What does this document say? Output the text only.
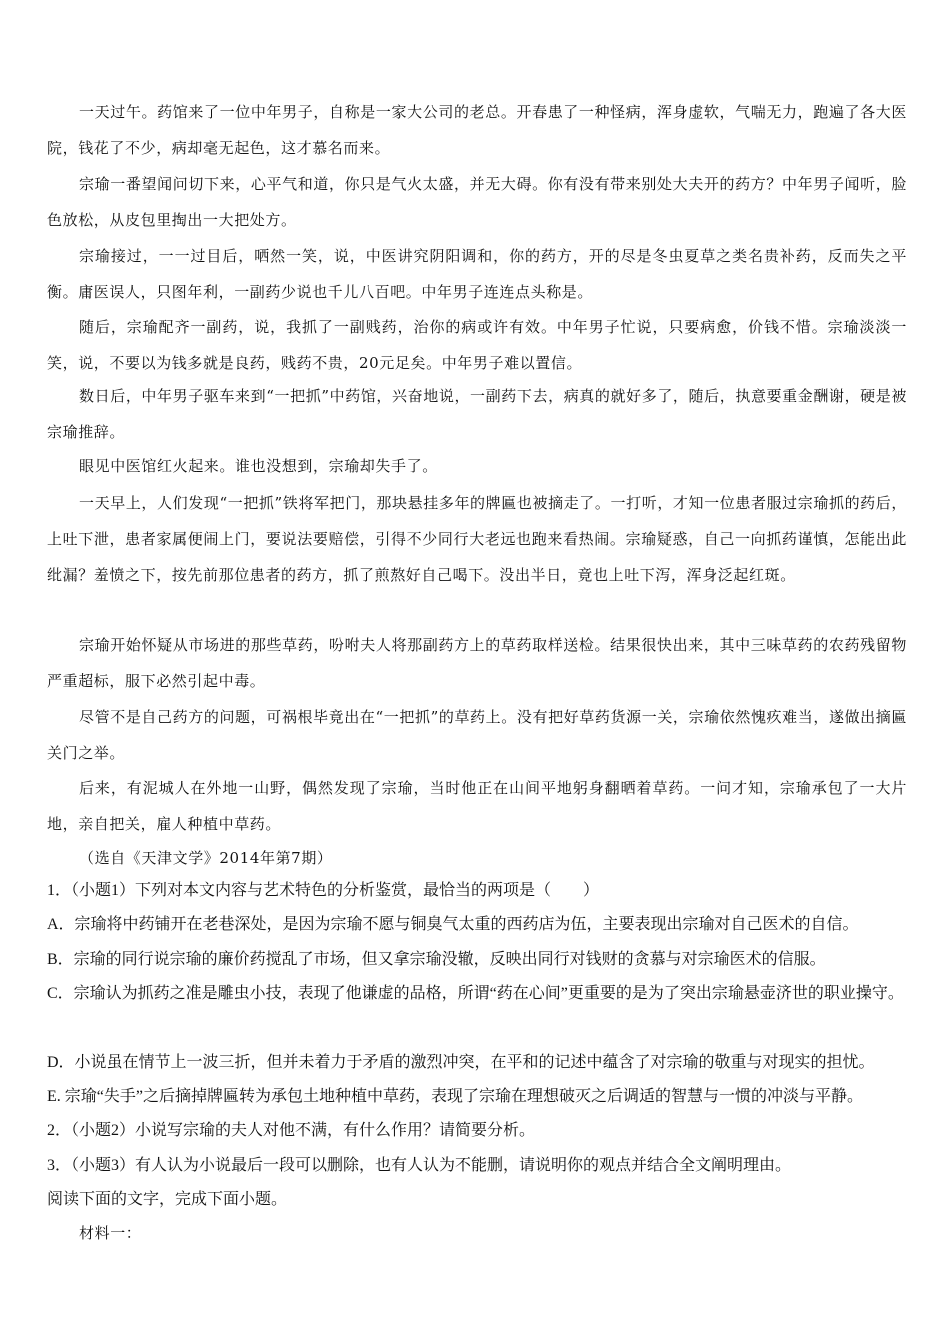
一天过午。药馆来了一位中年男子，自称是一家大公司的老总。开春患了一种怪病，浑身虚软，气喘无力，跑遍了各大医院，钱花了不少，病却毫无起色，这才慕名而来。

宗瑜一番望闻问切下来，心平气和道，你只是气火太盛，并无大碍。你有没有带来别处大夫开的药方？中年男子闻听，脸色放松，从皮包里掏出一大把处方。

宗瑜接过，一一过目后，哂然一笑，说，中医讲究阴阳调和，你的药方，开的尽是冬虫夏草之类名贵补药，反而失之平衡。庸医误人，只图年利，一副药少说也千儿八百吧。中年男子连连点头称是。

随后，宗瑜配齐一副药，说，我抓了一副贱药，治你的病或许有效。中年男子忙说，只要病愈，价钱不惜。宗瑜淡淡一笑，说，不要以为钱多就是良药，贱药不贵，20元足矣。中年男子难以置信。

数日后，中年男子驱车来到“一把抓”中药馆，兴奋地说，一副药下去，病真的就好多了，随后，执意要重金酬谢，硬是被宗瑜推辞。

眼见中医馆红火起来。谁也没想到，宗瑜却失手了。

一天早上，人们发现“一把抓”铁将军把门，那块悬挂多年的牌匾也被摘走了。一打听，才知一位患者服过宗瑜抓的药后，上吐下泄，患者家属便闹上门，要说法要赔偿，引得不少同行大老远也跑来看热闹。宗瑜疑惑，自己一向抓药谨慎，怎能出此纰漏？羞愤之下，按先前那位患者的药方，抓了煎熬好自己喝下。没出半日，竟也上吐下泻，浑身泛起红斑。

宗瑜开始怀疑从市场进的那些草药，吩咐夫人将那副药方上的草药取样送检。结果很快出来，其中三味草药的农药残留物严重超标，服下必然引起中毒。

尽管不是自己药方的问题，可祸根毕竟出在“一把抓”的草药上。没有把好草药货源一关，宗瑜依然愧疚难当，遂做出摘匾关门之举。

后来，有泥城人在外地一山野，偶然发现了宗瑜，当时他正在山间平地躬身翻晒着草药。一问才知，宗瑜承包了一大片地，亲自把关，雇人种植中草药。

（选自《天津文学》2014年第7期）

1．（小题1）下列对本文内容与艺术特色的分析鉴赏，最恰当的两项是（　　）

A．宗瑜将中药铺开在老巷深处，是因为宗瑜不愿与铜臭气太重的西药店为伍，主要表现出宗瑜对自己医术的自信。

B．宗瑜的同行说宗瑜的廉价药搅乱了市场，但又拿宗瑜没辙，反映出同行对钱财的贪慕与对宗瑜医术的信服。

C．宗瑜认为抓药之准是雕虫小技，表现了他谦虚的品格，所谓“药在心间”更重要的是为了突出宗瑜悬壶济世的职业操守。

D．小说虽在情节上一波三折，但并未着力于矛盾的激烈冲突，在平和的记述中蕴含了对宗瑜的敬重与对现实的担忧。

E. 宗瑜“失手”之后摘掉牌匾转为承包土地种植中草药，表现了宗瑜在理想破灭之后调适的智慧与一惯的冲淡与平静。

2．（小题2）小说写宗瑜的夫人对他不满，有什么作用？请简要分析。

3．（小题3）有人认为小说最后一段可以删除，也有人认为不能删，请说明你的观点并结合全文阐明理由。

阅读下面的文字，完成下面小题。

材料一：
